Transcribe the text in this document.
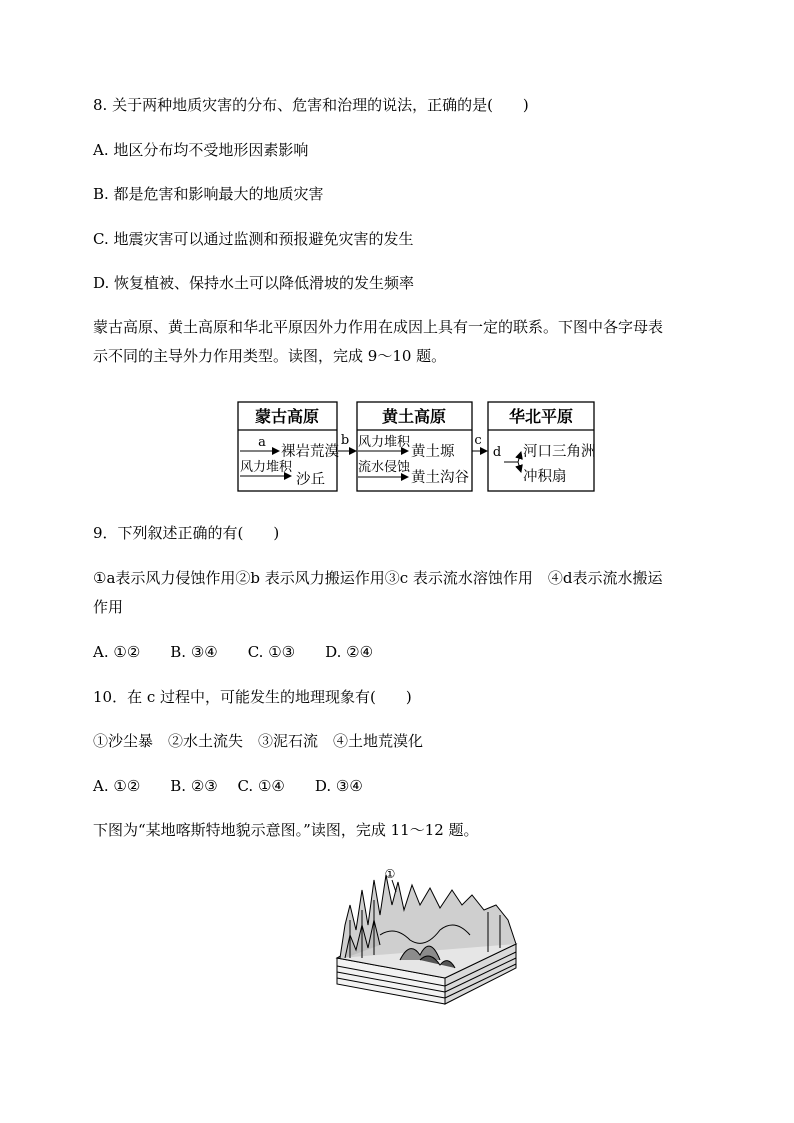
8. 关于两种地质灾害的分布、危害和治理的说法，正确的是(　　)
A. 地区分布均不受地形因素影响
B. 都是危害和影响最大的地质灾害
C. 地震灾害可以通过监测和预报避免灾害的发生
D. 恢复植被、保持水土可以降低滑坡的发生频率
蒙古高原、黄土高原和华北平原因外力作用在成因上具有一定的联系。下图中各字母表
示不同的主导外力作用类型。读图，完成 9～10 题。
蒙古高原
a
裸岩荒漠
风力堆积
沙丘
b
黄土高原
风力堆积
黄土塬
流水侵蚀
黄土沟谷
c
华北平原
d 河口三角洲
冲积扇
9．下列叙述正确的有(　　)
①a表示风力侵蚀作用②b 表示风力搬运作用③c 表示流水溶蚀作用　④d表示流水搬运
作用
A. ①②　　B. ③④　　C. ①③　　D. ②④
10．在 c 过程中，可能发生的地理现象有(　　)
①沙尘暴　②水土流失　③泥石流　④土地荒漠化
A. ①②　　B. ②③　 C. ①④　　D. ③④
下图为“某地喀斯特地貌示意图。”读图，完成 11～12 题。
①
